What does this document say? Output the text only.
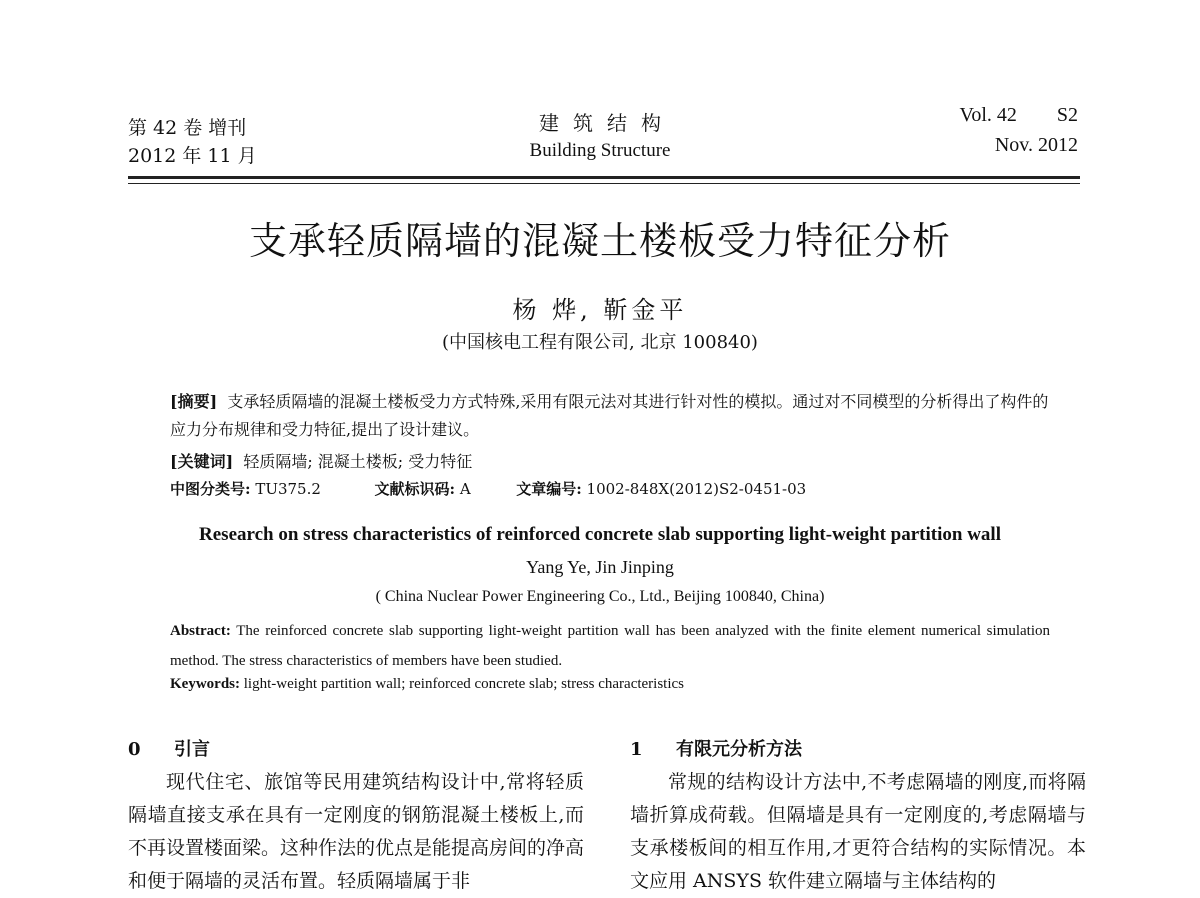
第 42 卷 增刊
2012 年 11 月
建筑结构
Building Structure
Vol. 42　　S2
Nov. 2012
支承轻质隔墙的混凝土楼板受力特征分析
杨 烨, 靳金平
(中国核电工程有限公司, 北京 100840)
[摘要] 支承轻质隔墙的混凝土楼板受力方式特殊,采用有限元法对其进行针对性的模拟。通过对不同模型的分析得出了构件的应力分布规律和受力特征,提出了设计建议。
[关键词] 轻质隔墙; 混凝土楼板; 受力特征
中图分类号: TU375.2	文献标识码: A	文章编号: 1002-848X(2012)S2-0451-03
Research on stress characteristics of reinforced concrete slab supporting light-weight partition wall
Yang Ye, Jin Jinping
( China Nuclear Power Engineering Co., Ltd., Beijing 100840, China)
Abstract: The reinforced concrete slab supporting light-weight partition wall has been analyzed with the finite element numerical simulation method. The stress characteristics of members have been studied.
Keywords: light-weight partition wall; reinforced concrete slab; stress characteristics
0 引言
现代住宅、旅馆等民用建筑结构设计中,常将轻质隔墙直接支承在具有一定刚度的钢筋混凝土楼板上,而不再设置楼面梁。这种作法的优点是能提高房间的净高和便于隔墙的灵活布置。轻质隔墙属于非
1 有限元分析方法
常规的结构设计方法中,不考虑隔墙的刚度,而将隔墙折算成荷载。但隔墙是具有一定刚度的,考虑隔墙与支承楼板间的相互作用,才更符合结构的实际情况。本文应用 ANSYS 软件建立隔墙与主体结构的
